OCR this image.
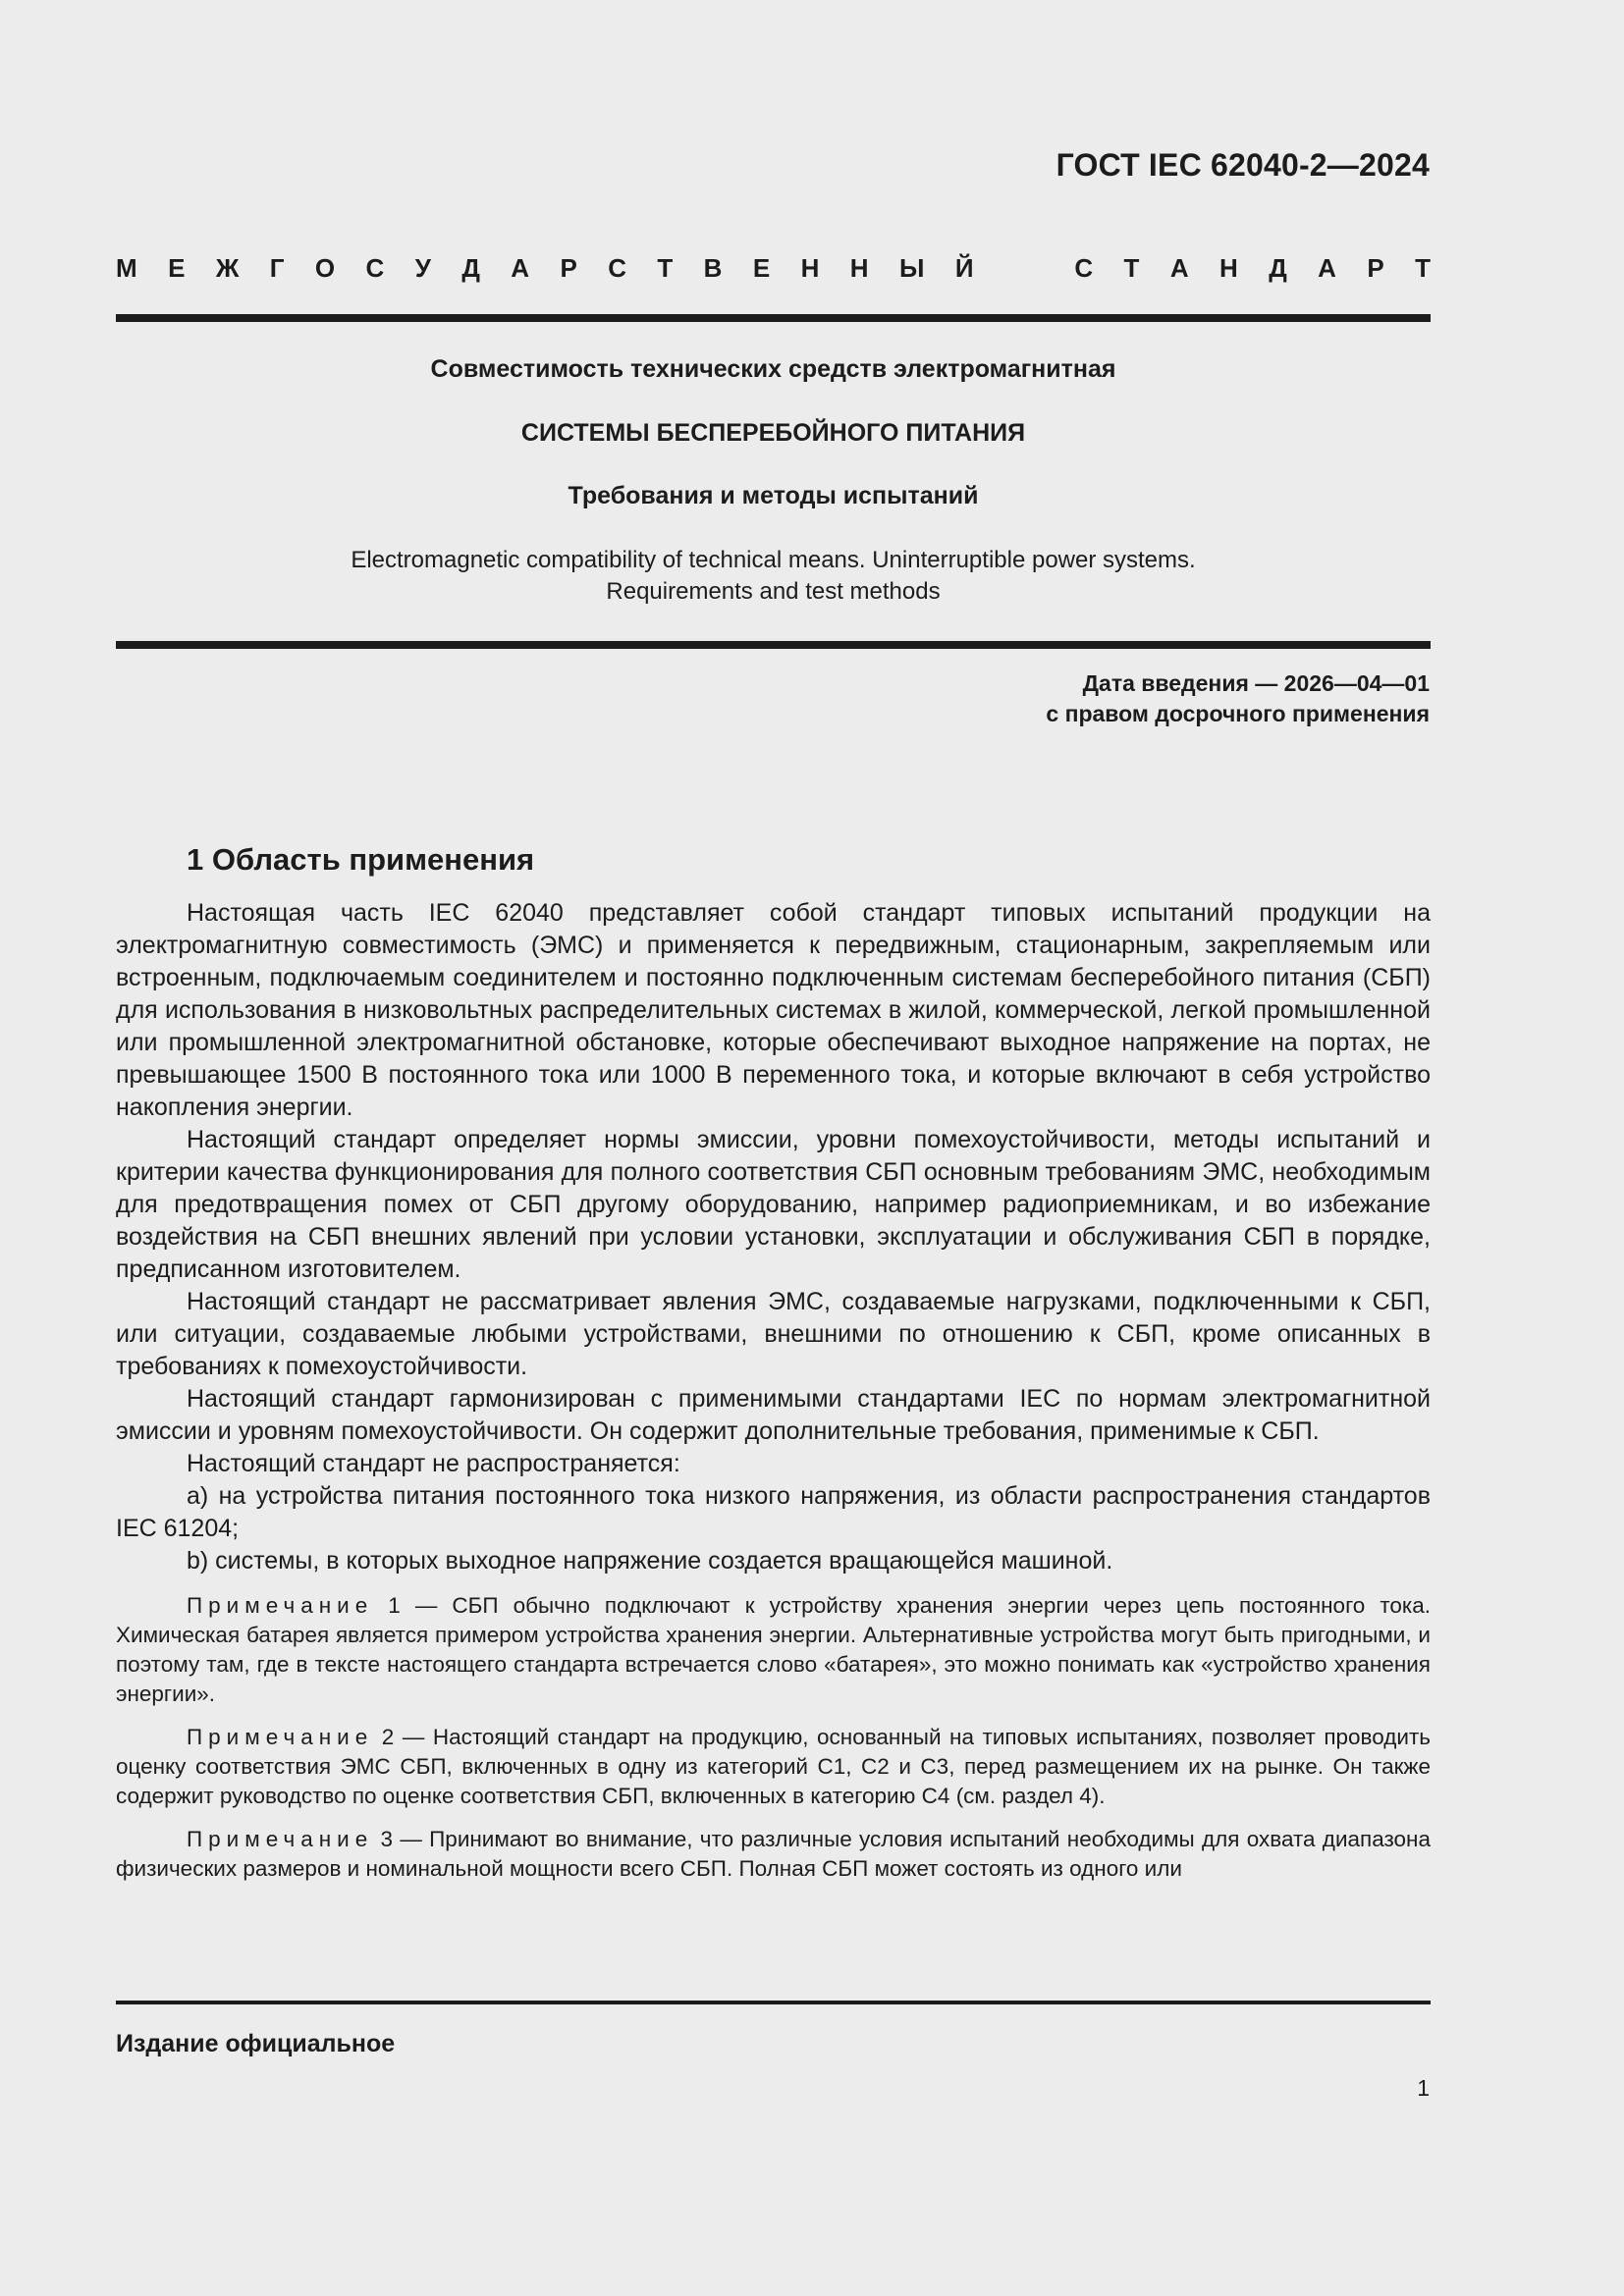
ГОСТ IEC 62040-2—2024
М Е Ж Г О С У Д А Р С Т В Е Н Н Ы Й	С Т А Н Д А Р Т
Совместимость технических средств электромагнитная
СИСТЕМЫ БЕСПЕРЕБОЙНОГО ПИТАНИЯ
Требования и методы испытаний
Electromagnetic compatibility of technical means. Uninterruptible power systems.
Requirements and test methods
Дата введения — 2026—04—01
с правом досрочного применения
1 Область применения

Настоящая часть IEC 62040 представляет собой стандарт типовых испытаний продукции на электромагнитную совместимость (ЭМС) и применяется к передвижным, стационарным, закрепляемым или встроенным, подключаемым соединителем и постоянно подключенным системам бесперебойного питания (СБП) для использования в низковольтных распределительных системах в жилой, коммерческой, легкой промышленной или промышленной электромагнитной обстановке, которые обеспечивают выходное напряжение на портах, не превышающее 1500 В постоянного тока или 1000 В переменного тока, и которые включают в себя устройство накопления энергии.

Настоящий стандарт определяет нормы эмиссии, уровни помехоустойчивости, методы испытаний и критерии качества функционирования для полного соответствия СБП основным требованиям ЭМС, необходимым для предотвращения помех от СБП другому оборудованию, например радиоприемникам, и во избежание воздействия на СБП внешних явлений при условии установки, эксплуатации и обслуживания СБП в порядке, предписанном изготовителем.

Настоящий стандарт не рассматривает явления ЭМС, создаваемые нагрузками, подключенными к СБП, или ситуации, создаваемые любыми устройствами, внешними по отношению к СБП, кроме описанных в требованиях к помехоустойчивости.

Настоящий стандарт гармонизирован с применимыми стандартами IEC по нормам электромагнитной эмиссии и уровням помехоустойчивости. Он содержит дополнительные требования, применимые к СБП.

Настоящий стандарт не распространяется:

а) на устройства питания постоянного тока низкого напряжения, из области распространения стандартов IEC 61204;

b) системы, в которых выходное напряжение создается вращающейся машиной.

Примечание 1 — СБП обычно подключают к устройству хранения энергии через цепь постоянного тока. Химическая батарея является примером устройства хранения энергии. Альтернативные устройства могут быть пригодными, и поэтому там, где в тексте настоящего стандарта встречается слово «батарея», это можно понимать как «устройство хранения энергии».

Примечание 2 — Настоящий стандарт на продукцию, основанный на типовых испытаниях, позволяет проводить оценку соответствия ЭМС СБП, включенных в одну из категорий С1, С2 и С3, перед размещением их на рынке. Он также содержит руководство по оценке соответствия СБП, включенных в категорию С4 (см. раздел 4).

Примечание 3 — Принимают во внимание, что различные условия испытаний необходимы для охвата диапазона физических размеров и номинальной мощности всего СБП. Полная СБП может состоять из одного или

Издание официальное
1
